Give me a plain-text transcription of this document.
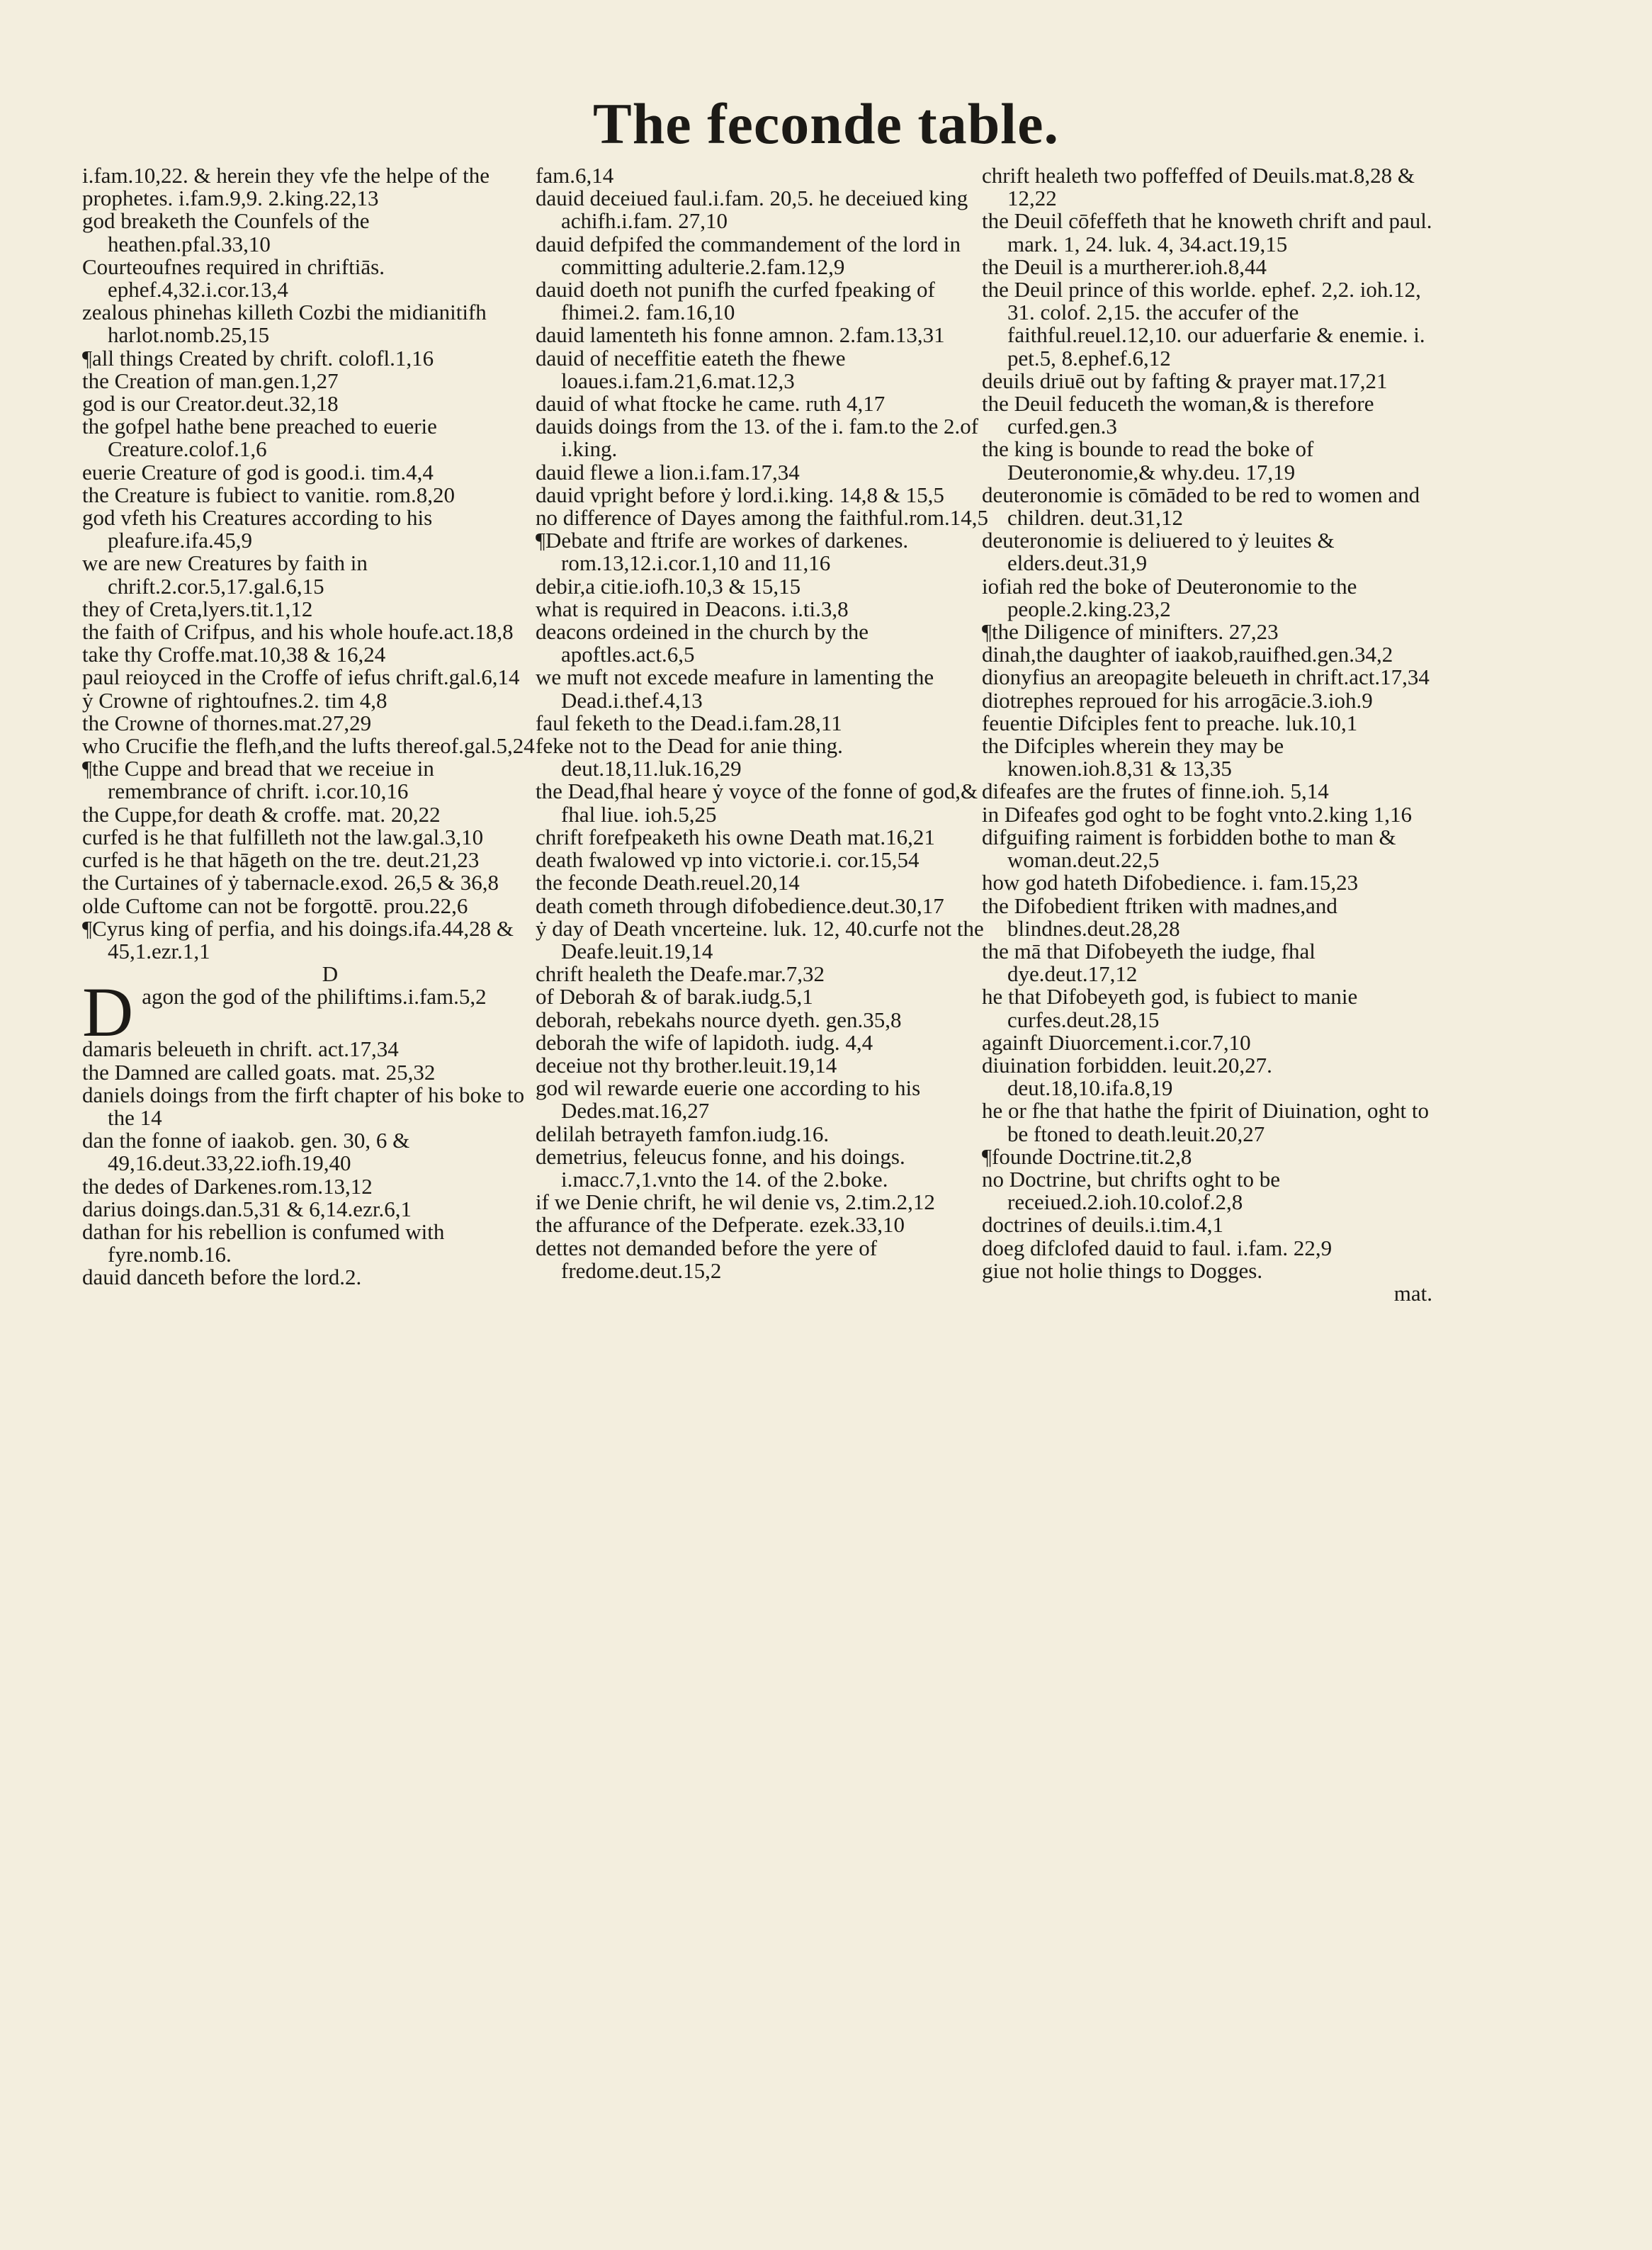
The feconde table.

i.fam.10,22. & herein they vfe the helpe of the prophetes. i.fam.9,9. 2.king.22,13

god breaketh the Counfels of the heathen.pfal.33,10

Courteoufnes required in chriftiās. ephef.4,32.i.cor.13,4

zealous phinehas killeth Cozbi the midianitifh harlot.nomb.25,15

¶all things Created by chrift. colofl.1,16

the Creation of man.gen.1,27

god is our Creator.deut.32,18

the gofpel hathe bene preached to euerie Creature.colof.1,6

euerie Creature of god is good.i. tim.4,4

the Creature is fubiect to vanitie. rom.8,20

god vfeth his Creatures according to his pleafure.ifa.45,9

we are new Creatures by faith in chrift.2.cor.5,17.gal.6,15

they of Creta,lyers.tit.1,12

the faith of Crifpus, and his whole houfe.act.18,8

take thy Croffe.mat.10,38 & 16,24

paul reioyced in the Croffe of iefus chrift.gal.6,14

ẏ Crowne of rightoufnes.2. tim 4,8

the Crowne of thornes.mat.27,29

who Crucifie the flefh,and the lufts thereof.gal.5,24

¶the Cuppe and bread that we receiue in remembrance of chrift. i.cor.10,16

the Cuppe,for death & croffe. mat. 20,22

curfed is he that fulfilleth not the law.gal.3,10

curfed is he that hāgeth on the tre. deut.21,23

the Curtaines of ẏ tabernacle.exod. 26,5 & 36,8

olde Cuftome can not be forgottē. prou.22,6

¶Cyrus king of perfia, and his doings.ifa.44,28 & 45,1.ezr.1,1

D

Dagon the god of the philiftims.i.fam.5,2

damaris beleueth in chrift. act.17,34

the Damned are called goats. mat. 25,32

daniels doings from the firft chapter of his boke to the 14

dan the fonne of iaakob. gen. 30, 6 & 49,16.deut.33,22.iofh.19,40

the dedes of Darkenes.rom.13,12

darius doings.dan.5,31 & 6,14.ezr.6,1

dathan for his rebellion is confumed with fyre.nomb.16.

dauid danceth before the lord.2.

fam.6,14

dauid deceiued faul.i.fam. 20,5. he deceiued king achifh.i.fam. 27,10

dauid defpifed the commandement of the lord in committing adulterie.2.fam.12,9

dauid doeth not punifh the curfed fpeaking of fhimei.2. fam.16,10

dauid lamenteth his fonne amnon. 2.fam.13,31

dauid of neceffitie eateth the fhewe loaues.i.fam.21,6.mat.12,3

dauid of what ftocke he came. ruth 4,17

dauids doings from the 13. of the i. fam.to the 2.of i.king.

dauid flewe a lion.i.fam.17,34

dauid vpright before ẏ lord.i.king. 14,8 & 15,5

no difference of Dayes among the faithful.rom.14,5

¶Debate and ftrife are workes of darkenes. rom.13,12.i.cor.1,10 and 11,16

debir,a citie.iofh.10,3 & 15,15

what is required in Deacons. i.ti.3,8

deacons ordeined in the church by the apoftles.act.6,5

we muft not excede meafure in lamenting the Dead.i.thef.4,13

faul feketh to the Dead.i.fam.28,11

feke not to the Dead for anie thing. deut.18,11.luk.16,29

the Dead,fhal heare ẏ voyce of the fonne of god,& fhal liue. ioh.5,25

chrift forefpeaketh his owne Death mat.16,21

death fwalowed vp into victorie.i. cor.15,54

the feconde Death.reuel.20,14

death cometh through difobedience.deut.30,17

ẏ day of Death vncerteine. luk. 12, 40.curfe not the Deafe.leuit.19,14

chrift healeth the Deafe.mar.7,32

of Deborah & of barak.iudg.5,1

deborah, rebekahs nource dyeth. gen.35,8

deborah the wife of lapidoth. iudg. 4,4

deceiue not thy brother.leuit.19,14

god wil rewarde euerie one according to his Dedes.mat.16,27

delilah betrayeth famfon.iudg.16.

demetrius, feleucus fonne, and his doings. i.macc.7,1.vnto the 14. of the 2.boke.

if we Denie chrift, he wil denie vs, 2.tim.2,12

the affurance of the Defperate. ezek.33,10

dettes not demanded before the yere of fredome.deut.15,2

chrift healeth two poffeffed of Deuils.mat.8,28 & 12,22

the Deuil cōfeffeth that he knoweth chrift and paul. mark. 1, 24. luk. 4, 34.act.19,15

the Deuil is a murtherer.ioh.8,44

the Deuil prince of this worlde. ephef. 2,2. ioh.12, 31. colof. 2,15. the accufer of the faithful.reuel.12,10. our aduerfarie & enemie. i. pet.5, 8.ephef.6,12

deuils driuē out by fafting & prayer mat.17,21

the Deuil feduceth the woman,& is therefore curfed.gen.3

the king is bounde to read the boke of Deuteronomie,& why.deu. 17,19

deuteronomie is cōmāded to be red to women and children. deut.31,12

deuteronomie is deliuered to ẏ leuites & elders.deut.31,9

iofiah red the boke of Deuteronomie to the people.2.king.23,2

¶the Diligence of minifters. 27,23

dinah,the daughter of iaakob,rauifhed.gen.34,2

dionyfius an areopagite beleueth in chrift.act.17,34

diotrephes reproued for his arrogācie.3.ioh.9

feuentie Difciples fent to preache. luk.10,1

the Difciples wherein they may be knowen.ioh.8,31 & 13,35

difeafes are the frutes of finne.ioh. 5,14

in Difeafes god oght to be foght vnto.2.king 1,16

difguifing raiment is forbidden bothe to man & woman.deut.22,5

how god hateth Difobedience. i. fam.15,23

the Difobedient ftriken with madnes,and blindnes.deut.28,28

the mā that Difobeyeth the iudge, fhal dye.deut.17,12

he that Difobeyeth god, is fubiect to manie curfes.deut.28,15

againft Diuorcement.i.cor.7,10

diuination forbidden. leuit.20,27. deut.18,10.ifa.8,19

he or fhe that hathe the fpirit of Diuination, oght to be ftoned to death.leuit.20,27

¶founde Doctrine.tit.2,8

no Doctrine, but chrifts oght to be receiued.2.ioh.10.colof.2,8

doctrines of deuils.i.tim.4,1

doeg difclofed dauid to faul. i.fam. 22,9

giue not holie things to Dogges.

mat.
